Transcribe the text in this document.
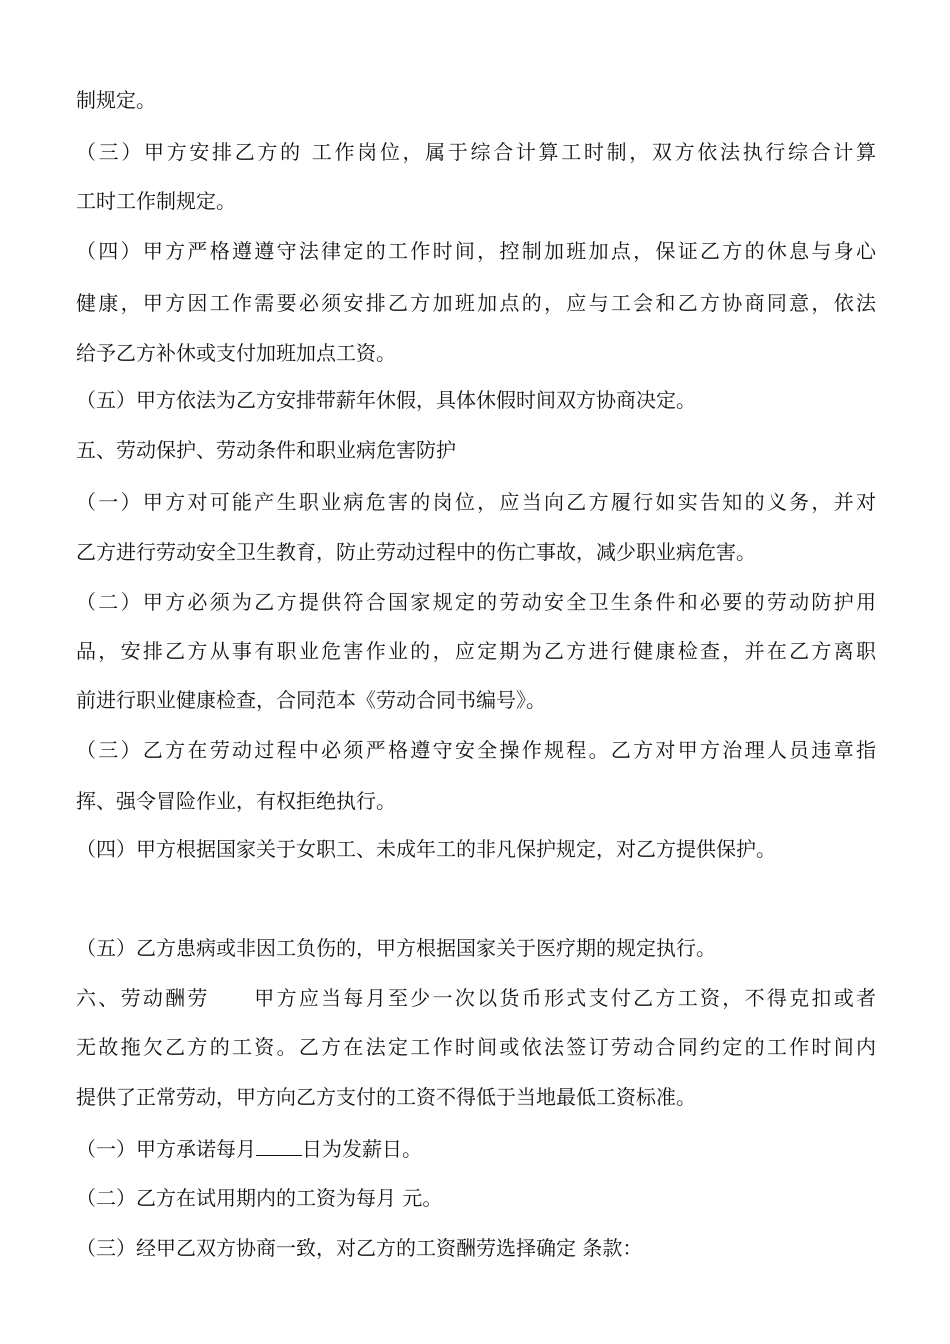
制规定。
（三）甲方安排乙方的 工作岗位，属于综合计算工时制，双方依法执行综合计算
工时工作制规定。
（四）甲方严格遵遵守法律定的工作时间，控制加班加点，保证乙方的休息与身心
健康，甲方因工作需要必须安排乙方加班加点的，应与工会和乙方协商同意，依法
给予乙方补休或支付加班加点工资。
（五）甲方依法为乙方安排带薪年休假，具体休假时间双方协商决定。
五、劳动保护、劳动条件和职业病危害防护
（一）甲方对可能产生职业病危害的岗位，应当向乙方履行如实告知的义务，并对
乙方进行劳动安全卫生教育，防止劳动过程中的伤亡事故，减少职业病危害。
（二）甲方必须为乙方提供符合国家规定的劳动安全卫生条件和必要的劳动防护用
品，安排乙方从事有职业危害作业的，应定期为乙方进行健康检查，并在乙方离职
前进行职业健康检查，合同范本《劳动合同书编号》。
（三）乙方在劳动过程中必须严格遵守安全操作规程。乙方对甲方治理人员违章指
挥、强令冒险作业，有权拒绝执行。
（四）甲方根据国家关于女职工、未成年工的非凡保护规定，对乙方提供保护。
（五）乙方患病或非因工负伤的，甲方根据国家关于医疗期的规定执行。
六、劳动酬劳　　甲方应当每月至少一次以货币形式支付乙方工资，不得克扣或者
无故拖欠乙方的工资。乙方在法定工作时间或依法签订劳动合同约定的工作时间内
提供了正常劳动，甲方向乙方支付的工资不得低于当地最低工资标准。
（一）甲方承诺每月 日为发薪日。
（二）乙方在试用期内的工资为每月 元。
（三）经甲乙双方协商一致，对乙方的工资酬劳选择确定 条款：
